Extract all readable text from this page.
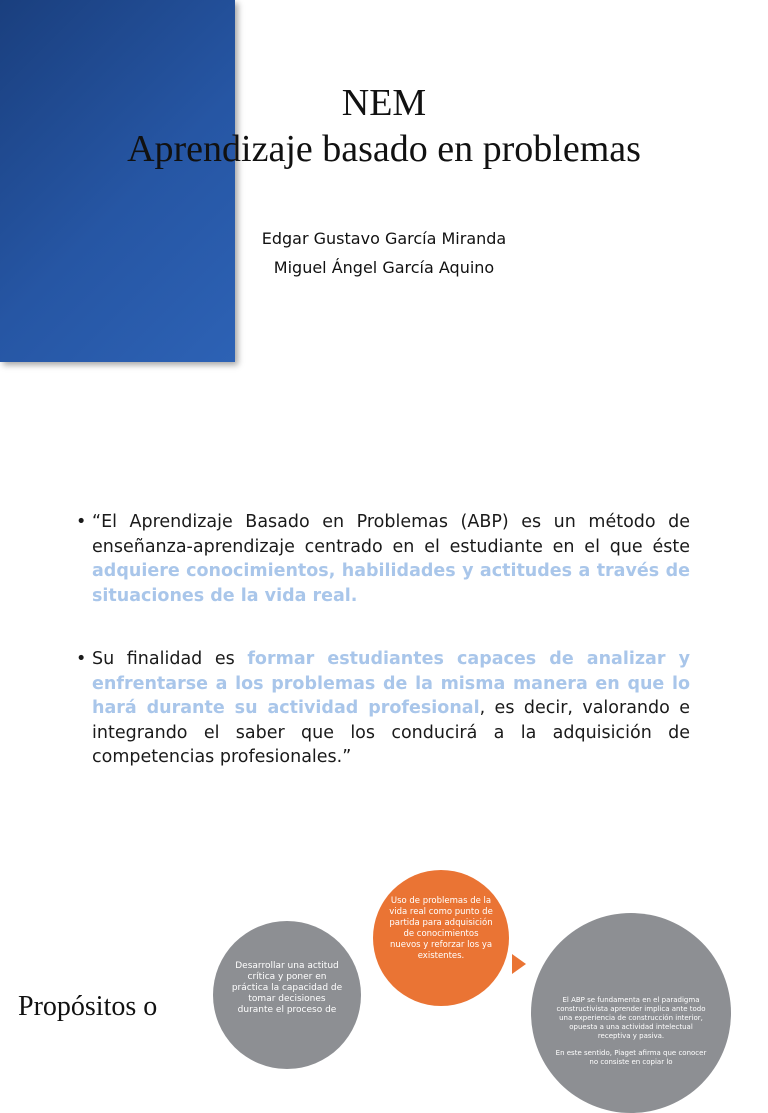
NEM
Aprendizaje basado en problemas
Edgar Gustavo García Miranda
Miguel Ángel García Aquino
• “El Aprendizaje Basado en Problemas (ABP) es un método de enseñanza-aprendizaje centrado en el estudiante en el que éste adquiere conocimientos, habilidades y actitudes a través de situaciones de la vida real.
• Su finalidad es formar estudiantes capaces de analizar y enfrentarse a los problemas de la misma manera en que lo hará durante su actividad profesional, es decir, valorando e integrando el saber que los conducirá a la adquisición de competencias profesionales.”
Desarrollar una actitud crítica y poner en práctica la capacidad de tomar decisiones durante el proceso de
Uso de problemas de la vida real como punto de partida para adquisición de conocimientos nuevos y reforzar los ya existentes.

El ABP se fundamenta en el paradigma constructivista aprender implica ante todo una experiencia de construcción interior, opuesta a una actividad intelectual receptiva y pasiva.

En este sentido, Piaget afirma que conocer no consiste en copiar lo

Propósitos o
